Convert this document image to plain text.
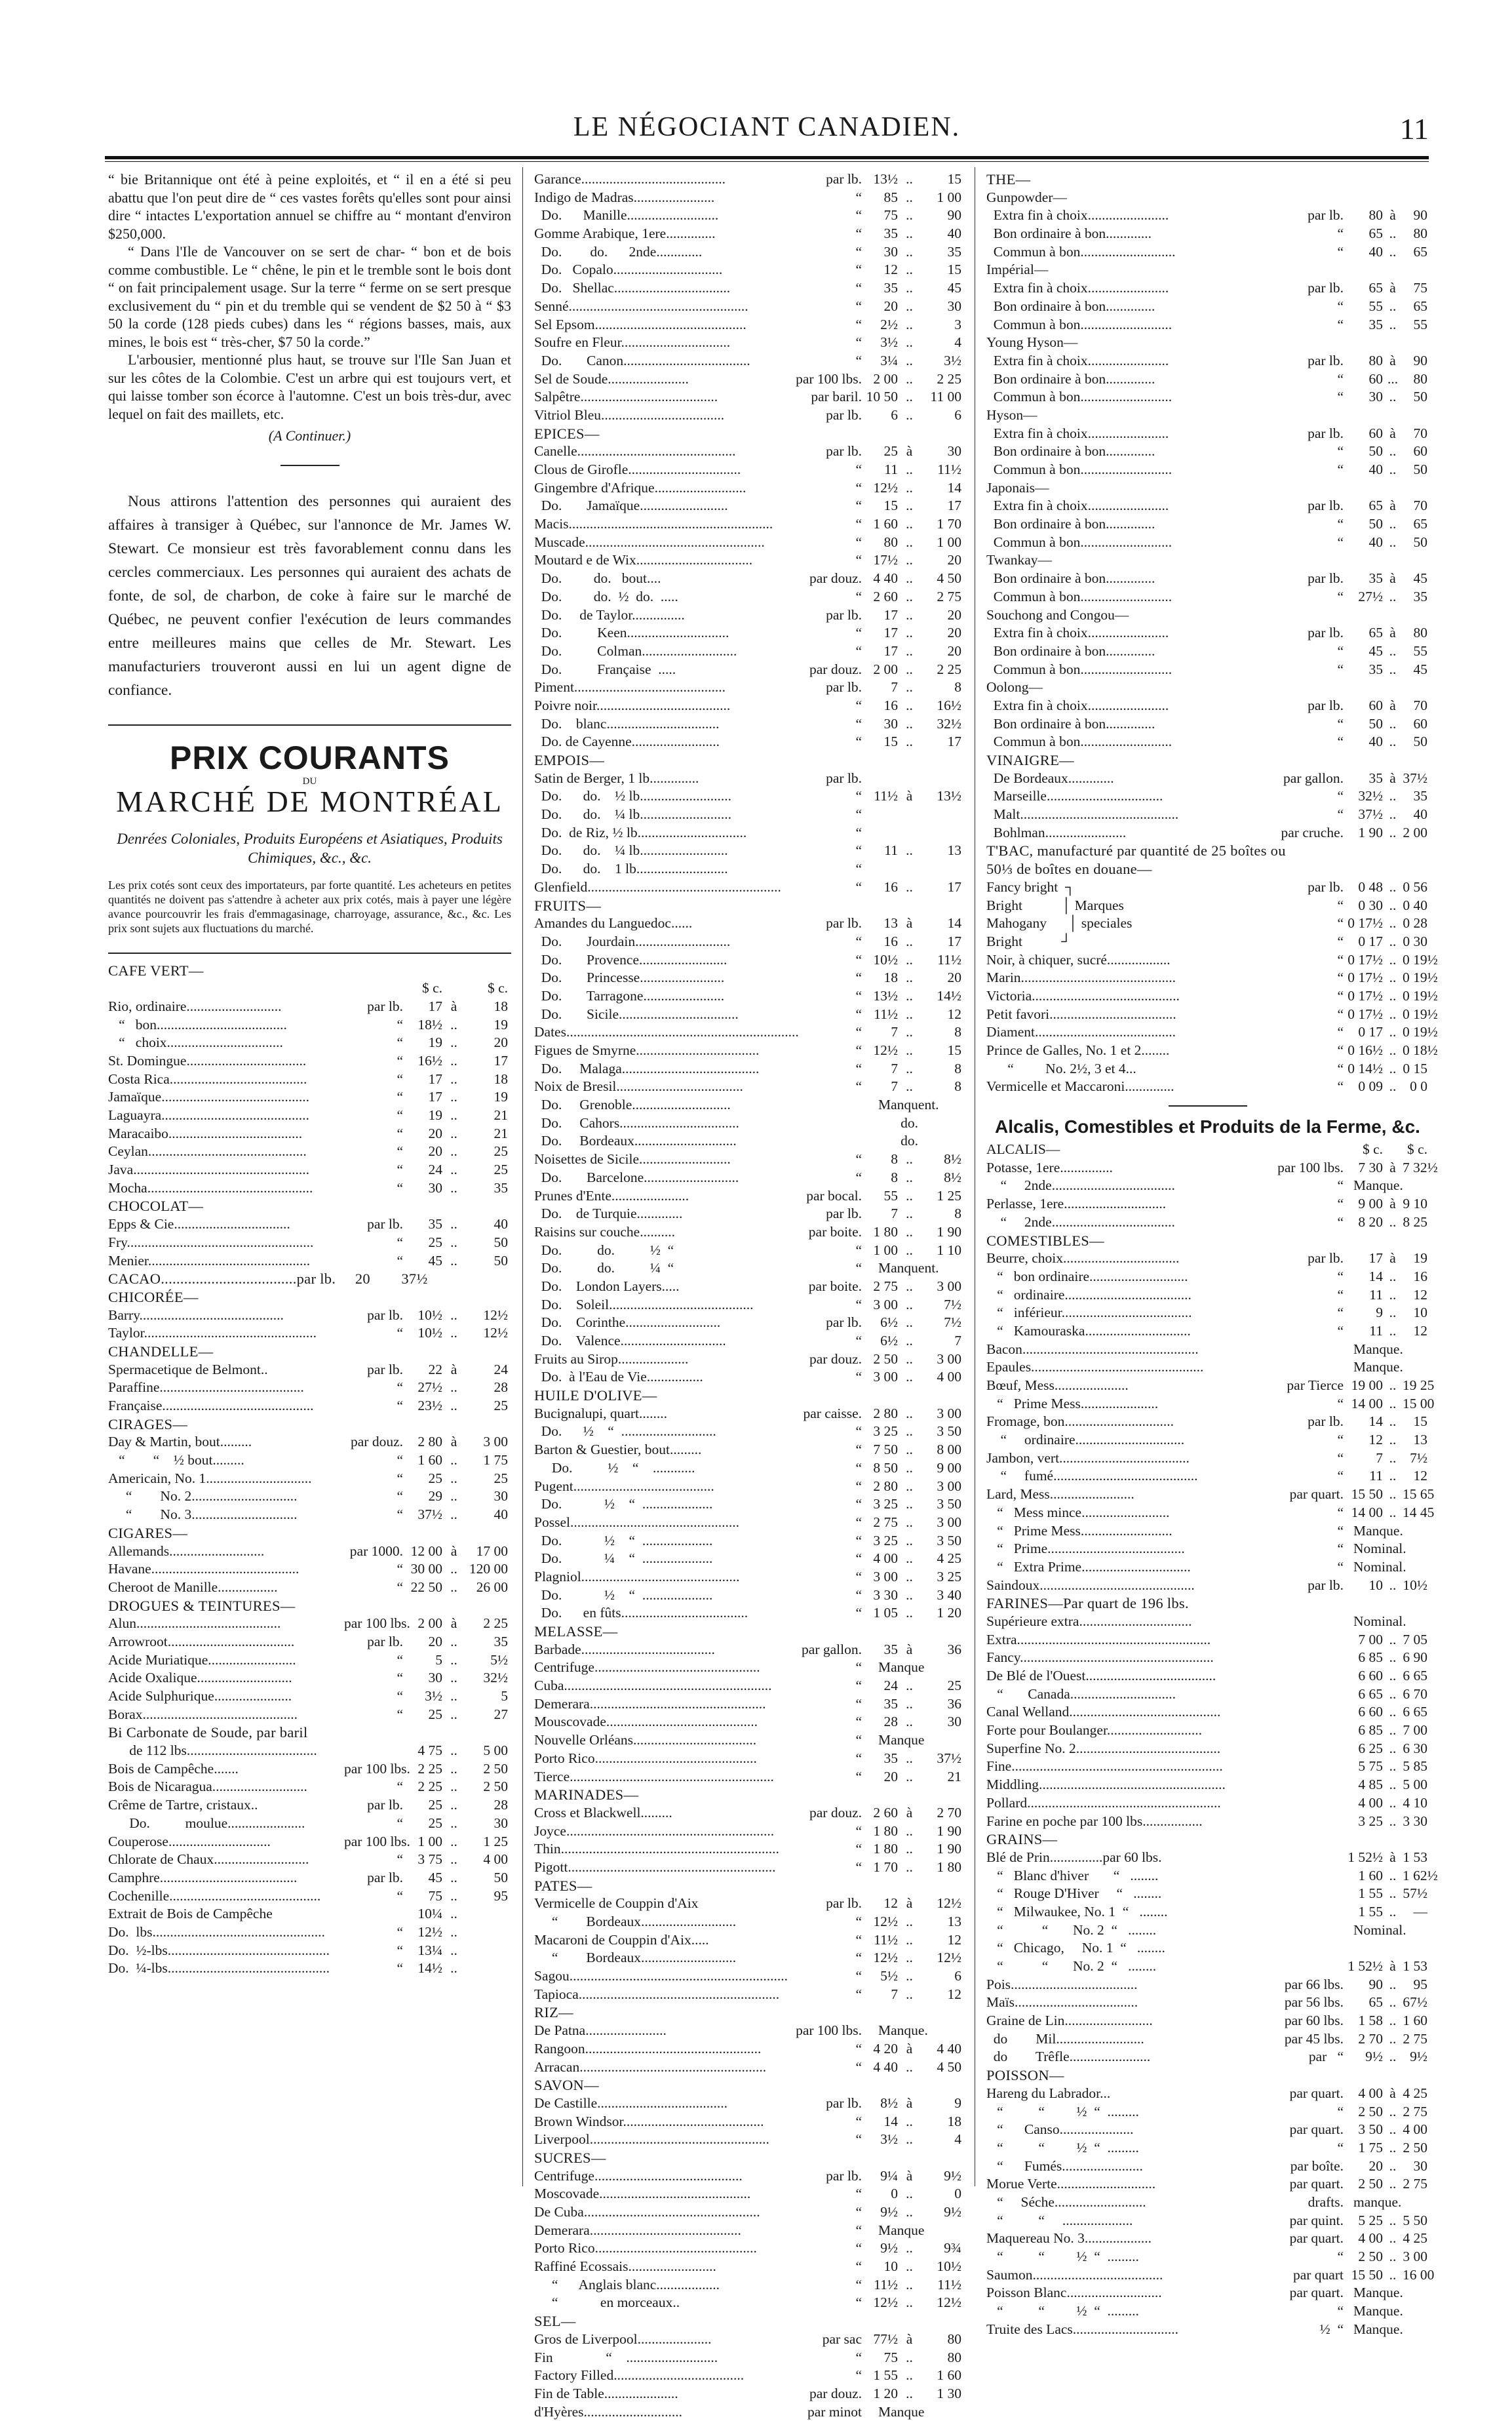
LE NÉGOCIANT CANADIEN.	11

“ bie Britannique ont été à peine exploités, et “ il en a été si peu abattu que l'on peut dire de “ ces vastes forêts qu'elles sont pour ainsi dire “ intactes L'exportation annuel se chiffre au “ montant d'environ $250,000.

“ Dans l'Ile de Vancouver on se sert de char- “ bon et de bois comme combustible. Le “ chêne, le pin et le tremble sont le bois dont “ on fait principalement usage. Sur la terre “ ferme on se sert presque exclusivement du “ pin et du tremble qui se vendent de $2 50 à “ $3 50 la corde (128 pieds cubes) dans les “ régions basses, mais, aux mines, le bois est “ très-cher, $7 50 la corde.”

L'arbousier, mentionné plus haut, se trouve sur l'Ile San Juan et sur les côtes de la Colombie. C'est un arbre qui est toujours vert, et qui laisse tomber son écorce à l'automne. C'est un bois très-dur, avec lequel on fait des maillets, etc.

(A Continuer.)

Nous attirons l'attention des personnes qui auraient des affaires à transiger à Québec, sur l'annonce de Mr. James W. Stewart. Ce monsieur est très favorablement connu dans les cercles commerciaux. Les personnes qui auraient des achats de fonte, de sol, de charbon, de coke à faire sur le marché de Québec, ne peuvent confier l'exécution de leurs commandes entre meilleures mains que celles de Mr. Stewart. Les manufacturiers trouveront aussi en lui un agent digne de confiance.

PRIX COURANTS
DU
MARCHÉ DE MONTRÉAL
Denrées Coloniales, Produits Européens et Asiatiques, Produits Chimiques, &c., &c.
Les prix cotés sont ceux des importateurs, par forte quantité. Les acheteurs en petites quantités ne doivent pas s'attendre à acheter aux prix cotés, mais à payer une légère avance pourcouvrir les frais d'emmagasinage, charroyage, assurance, &c., &c. Les prix sont sujets aux fluctuations du marché.
CAFE VERT—
$ c.	$ c.
Rio, ordinaire...........................	par lb.	17 à	18
“   bon.....................................	“	18½ ..	19
“   choix.................................	“	19 ..	20
St. Domingue..................................	“	16½ ..	17
Costa Rica.......................................	“	17 ..	18
Jamaïque..........................................	“	17 ..	19
Laguayra..........................................	“	19 ..	21
Maracaibo......................................	“	20 ..	21
Ceylan.............................................	“	20 ..	25
Java..................................................	“	24 ..	25
Mocha...............................................	“	30 ..	35
CHOCOLAT—
Epps & Cie.................................	par lb.	35 ..	40
Fry.....................................................	“	25 ..	50
Menier..............................................	“	45 ..	50
CACAO...................................par lb.     20        37½
CHICORÉE—
Barry.........................................	par lb.	10½ ..	12½
Taylor.................................................	“	10½ ..	12½
CHANDELLE—
Spermacetique de Belmont..	par lb.	22 à	24
Paraffine.........................................	“	27½ ..	28
Française...........................................	“	23½ ..	25
CIRAGES—
Day & Martin, bout.........	par douz.	2 80 à	3 00
“        “    ½ bout.........	“	1 60 ..	1 75
Americain, No. 1..............................	“	25 ..	25
“        No. 2..............................	“	29 ..	30
“        No. 3..............................	“	37½ ..	40
CIGARES—
Allemands...........................	par 1000. 12 00 à	17 00
Havane..........................................	“ 30 00 .. 120 00
Cheroot de Manille.................	“ 22 50 ..	26 00
DROGUES & TEINTURES—
Alun.........................................	par 100 lbs. 2 00 à	2 25
Arrowroot....................................	par lb.	20 ..	35
Acide Muriatique.........................	“	5 ..	5½
Acide Oxalique...........................	“	30 ..	32½
Acide Sulphurique......................	“	3½ ..	5
Borax............................................	“	25 ..	27
Bi Carbonate de Soude, par baril
de 112 lbs.....................................	4 75 ..	5 00
Bois de Campêche.......	par 100 lbs. 2 25 ..	2 50
Bois de Nicaragua...........................	“	2 25 ..	2 50
Crême de Tartre, cristaux..	par lb.	25 ..	28
Do.          moulue......................	“	25 ..	30
Couperose.............................	par 100 lbs. 1 00 ..	1 25
Chlorate de Chaux...........................	“	3 75 ..	4 00
Camphre.......................................	par lb.	45 ..	50
Cochenille...........................................	“	75 ..	95
Extrait de Bois de Campêche	10¼ ..
Do.  lbs.................................................	“	12½ ..
Do.  ½-lbs..............................................	“	13¼ ..
Do.  ¼-lbs..............................................	“	14½ ..
Garance.........................................	par lb. 13½ ..	15
Indigo de Madras.......................	“	85 ..	1 00
Do.      Manille..........................	“	75 ..	90
Gomme Arabique, 1ere..............	“	35 ..	40
Do.        do.      2nde.............	“	30 ..	35
Do.   Copalo...............................	“	12 ..	15
Do.   Shellac.................................	“	35 ..	45
Senné...................................................	“	20 ..	30
Sel Epsom...........................................	“	2½ ..	3
Soufre en Fleur...............................	“	3½ ..	4
Do.       Canon....................................	“	3¼ ..	3½
Sel de Soude.......................	par 100 lbs. 2 00 ..	2 25
Salpêtre.......................................	par baril. 10 50 ..	11 00
Vitriol Bleu...................................	par lb.	6 ..	6
EPICES—
Canelle.............................................	par lb.	25 à	30
Clous de Girofle................................	“	11 ..	11½
Gingembre d'Afrique..........................	“ 12½ ..	14
Do.       Jamaïque.........................	“	15 ..	17
Macis..........................................................	“ 1 60 ..	1 70
Muscade...................................................	“	80 ..	1 00
Moutard e de Wix.................................	“ 17½ ..	20
Do.         do.   bout....	par douz. 4 40 ..	4 50
Do.         do.  ½  do.  .....	“ 2 60 ..	2 75
Do.     de Taylor...............	par lb.	17 ..	20
Do.          Keen.............................	“	17 ..	20
Do.          Colman...........................	“	17 ..	20
Do.          Française  .....	par douz. 2 00 ..	2 25
Piment...........................................	par lb.	7 ..	8
Poivre noir......................................	“	16 ..	16½
Do.    blanc................................	“	30 ..	32½
Do. de Cayenne.........................	“	15 ..	17
EMPOIS—
Satin de Berger, 1 lb..............	par lb.
Do.      do.    ½ lb..........................	“ 11½ à	13½
Do.      do.    ¼ lb..........................	“
Do.  de Riz, ½ lb...............................	“
Do.      do.    ¼ lb.........................	“	11 ..	13
Do.      do.    1 lb..........................	“
Glenfield.......................................................	“	16 ..	17
FRUITS—
Amandes du Languedoc......	par lb.	13 à	14
Do.       Jourdain...........................	“	16 ..	17
Do.       Provence.........................	“ 10½ ..	11½
Do.       Princesse........................	“	18 ..	20
Do.       Tarragone.......................	“ 13½ ..	14½
Do.       Sicile..................................	“ 11½ ..	12
Dates..................................................................	“	7 ..	8
Figues de Smyrne...................................	“ 12½ ..	15
Do.     Malaga.......................................	“	7 ..	8
Noix de Bresil....................................	“	7 ..	8
Do.     Grenoble............................	Manquent.
Do.     Cahors..................................	do.
Do.     Bordeaux.............................	do.
Noisettes de Sicile..........................	“	8 ..	8½
Do.       Barcelone...........................	“	8 ..	8½
Prunes d'Ente......................	par bocal.	55 ..	1 25
Do.    de Turquie.............	par lb.	7 ..	8
Raisins sur couche..........	par boite. 1 80 ..	1 90
Do.          do.          ½  “	“ 1 00 ..	1 10
Do.          do.          ¼  “	“ Manquent.
Do.    London Layers.....	par boite. 2 75 ..	3 00
Do.    Soleil.........................................	“ 3 00 ..	7½
Do.    Corinthe...........................	par lb.	6½ ..	7½
Do.    Valence..............................	“	6½ ..	7
Fruits au Sirop....................	par douz. 2 50 ..	3 00
Do.  à l'Eau de Vie................	“ 3 00 ..	4 00
HUILE D'OLIVE—
Bucignalupi, quart........	par caisse. 2 80 ..	3 00
Do.      ½    “  ...........................	“ 3 25 ..	3 50
Barton & Guestier, bout.........	“ 7 50 ..	8 00
Do.          ½    “    ............	“ 8 50 ..	9 00
Pugent........................................	“ 2 80 ..	3 00
Do.            ½    “  ....................	“ 3 25 ..	3 50
Possel................................................	“ 2 75 ..	3 00
Do.            ½    “  ....................	“ 3 25 ..	3 50
Do.            ¼    “  ....................	“ 4 00 ..	4 25
Plagniol.............................................	“ 3 00 ..	3 25
Do.            ½    “  ....................	“ 3 30 ..	3 40
Do.      en fûts....................................	“ 1 05 ..	1 20
MELASSE—
Barbade......................................	par gallon.	35 à	36
Centrifuge...............................................	“ Manque
Cuba...........................................................	“	24 ..	25
Demerara..................................................	“	35 ..	36
Mouscovade...........................................	“	28 ..	30
Nouvelle Orléans...................................	“ Manque
Porto Rico..............................................	“	35 ..	37½
Tierce..........................................................	“	20 ..	21
MARINADES—
Cross et Blackwell.........	par douz. 2 60 à	2 70
Joyce...........................................................	“ 1 80 ..	1 90
Thin..............................................................	“ 1 80 ..	1 90
Pigott...........................................................	“ 1 70 ..	1 80
PATES—
Vermicelle de Couppin d'Aix	par lb.	12 à	12½
“        Bordeaux...........................	“ 12½ ..	13
Macaroni de Couppin d'Aix.....	“ 11½ ..	12
“        Bordeaux...........................	“ 12½ ..	12½
Sagou..............................................................	“	5½ ..	6
Tapioca.........................................................	“	7 ..	12
RIZ—
De Patna.......................	par 100 lbs. Manque.
Rangoon..................................................	“ 4 20 à	4 40
Arracan.....................................................	“ 4 40 ..	4 50
SAVON—
De Castille.....................................	par lb.	8½ à	9
Brown Windsor........................................	“	14 ..	18
Liverpool...................................................	“	3½ ..	4
SUCRES—
Centrifuge..........................................	par lb.	9¼ à	9½
Moscovade...........................................	“	0 ..	0
De Cuba..................................................	“	9½ ..	9½
Demerara...........................................	“ Manque
Porto Rico..............................................	“	9½ ..	9¾
Raffiné Ecossais.........................	“	10 ..	10½
“      Anglais blanc..................	“ 11½ ..	11½
“            en morceaux..	“ 12½ ..	12½
SEL—
Gros de Liverpool.....................	par sac 77½ à	80
Fin               “    ..........................	“	75 ..	80
Factory Filled.....................................	“ 1 55 ..	1 60
Fin de Table.....................	par douz. 1 20 ..	1 30
d'Hyères............................	par minot Manque
THE—
Gunpowder—
Extra fin à choix.......................	par lb.	80 à	90
Bon ordinaire à bon.............	“	65 ..	80
Commun à bon...........................	“	40 ..	65
Impérial—
Extra fin à choix.......................	par lb.	65 à	75
Bon ordinaire à bon..............	“	55 ..	65
Commun à bon..........................	“	35 ..	55
Young Hyson—
Extra fin à choix.......................	par lb.	80 à	90
Bon ordinaire à bon..............	“	60 ...	80
Commun à bon..........................	“	30 ..	50
Hyson—
Extra fin à choix.......................	par lb.	60 à	70
Bon ordinaire à bon..............	“	50 ..	60
Commun à bon..........................	“	40 ..	50
Japonais—
Extra fin à choix.......................	par lb.	65 à	70
Bon ordinaire à bon..............	“	50 ..	65
Commun à bon..........................	“	40 ..	50
Twankay—
Bon ordinaire à bon..............	par lb.	35 à	45
Commun à bon..........................	“	27½ ..	35
Souchong and Congou—
Extra fin à choix.......................	par lb.	65 à	80
Bon ordinaire à bon..............	“	45 ..	55
Commun à bon..........................	“	35 ..	45
Oolong—
Extra fin à choix.......................	par lb.	60 à	70
Bon ordinaire à bon..............	“	50 ..	60
Commun à bon..........................	“	40 ..	50
VINAIGRE—
De Bordeaux.............	par gallon.	35 à 37½
Marseille.................................	“	32½ ..	35
Malt.............................................	“	37½ ..	40
Bohlman.......................	par cruche.	1 90 .. 2 00
T'BAC, manufacturé par quantité de 25 boîtes ou
50⅓ de boîtes en douane—
Fancy bright  ┐	par lb.	0 48 .. 0 56
Bright           │ Marques	“	0 30 .. 0 40
Mahogany      │ speciales	“ 0 17½ .. 0 28
Bright           ┘	“	0 17 .. 0 30
Noir, à chiquer, sucré..................	“ 0 17½ .. 0 19½
Marin............................................	“ 0 17½ .. 0 19½
Victoria..........................................	“ 0 17½ .. 0 19½
Petit favori....................................	“ 0 17½ .. 0 19½
Diament........................................	“	0 17 .. 0 19½
Prince de Galles, No. 1 et 2........	“ 0 16½ .. 0 18½
“         No. 2½, 3 et 4...	“ 0 14½ .. 0 15
Vermicelle et Maccaroni..............	“	0 09 .. 0 0
Alcalis, Comestibles et Produits de la Ferme, &c.
ALCALIS—	$ c.	$ c.
Potasse, 1ere...............	par 100 lbs.	7 30 à 7 32½
“     2nde...................................	“ Manque.
Perlasse, 1ere.............................	“	9 00 à 9 10
“     2nde...................................	“	8 20 .. 8 25
COMESTIBLES—
Beurre, choix.................................	par lb.	17 à	19
“   bon ordinaire............................	“	14 ..	16
“   ordinaire....................................	“	11 ..	12
“   inférieur.....................................	“	9 ..	10
“   Kamouraska..............................	“	11 ..	12
Bacon..................................................	Manque.
Epaules.................................................	Manque.
Bœuf, Mess.....................	par Tierce 19 00 .. 19 25
“   Prime Mess......................	“ 14 00 .. 15 00
Fromage, bon...............................	par lb.	14 ..	15
“     ordinaire...............................	“	12 ..	13
Jambon, vert.....................................	“	7 .. 7½
“     fumé.........................................	“	11 ..	12
Lard, Mess........................	par quart. 15 50 .. 15 65
“   Mess mince.........................	“ 14 00 .. 14 45
“   Prime Mess..........................	“ Manque.
“   Prime.......................................	“ Nominal.
“   Extra Prime...............................	“ Nominal.
Saindoux............................................	par lb.	10 .. 10½
FARINES—Par quart de 196 lbs.
Supérieure extra................................	Nominal.
Extra.......................................................	7 00 .. 7 05
Fancy.......................................................	6 85 .. 6 90
De Blé de l'Ouest.....................................	6 60 .. 6 65
“       Canada..............................	6 65 .. 6 70
Canal Welland...........................................	6 60 .. 6 65
Forte pour Boulanger...........................	6 85 .. 7 00
Superfine No. 2.........................................	6 25 .. 6 30
Fine............................................................	5 75 .. 5 85
Middling.....................................................	4 85 .. 5 00
Pollard.......................................................	4 00 .. 4 10
Farine en poche par 100 lbs.................	3 25 .. 3 30
GRAINS—
Blé de Prin...............par 60 lbs.	1 52½ à 1 53
“   Blanc d'hiver       “   ........	1 60 .. 1 62½
“   Rouge D'Hiver     “   ........	1 55 .. 57½
“   Milwaukee, No. 1  “   ........	1 55 ..	—
“           “       No. 2  “   ........	Nominal.
“   Chicago,     No. 1  “   ........
“           “       No. 2  “   ........	1 52½ à 1 53
Pois....................................	par 66 lbs.	90 ..	95
Maïs...................................	par 56 lbs.	65 .. 67½
Graine de Lin.........................	par 60 lbs.	1 58 .. 1 60
do        Mil.........................	par 45 lbs.	2 70 .. 2 75
do        Trêfle.......................	par   “	9½ .. 9½
POISSON—
Hareng du Labrador...	par quart.	4 00 à 4 25
“          “         ½  “  .........	“	2 50 .. 2 75
“      Canso.....................	par quart.	3 50 .. 4 00
“          “         ½  “  .........	“	1 75 .. 2 50
“      Fumés.......................	par boîte.	20 ..	30
Morue Verte............................	par quart.	2 50 .. 2 75
“     Séche..........................	drafts. manque.
“          “     ....................	par quint.	5 25 .. 5 50
Maquereau No. 3...................	par quart.	4 00 .. 4 25
“          “         ½  “  .........	“	2 50 .. 3 00
Saumon.....................................	par quart 15 50 .. 16 00
Poisson Blanc...........................	par quart. Manque.
“          “         ½  “  .........	“ Manque.
Truite des Lacs..............................	½  “ Manque.
